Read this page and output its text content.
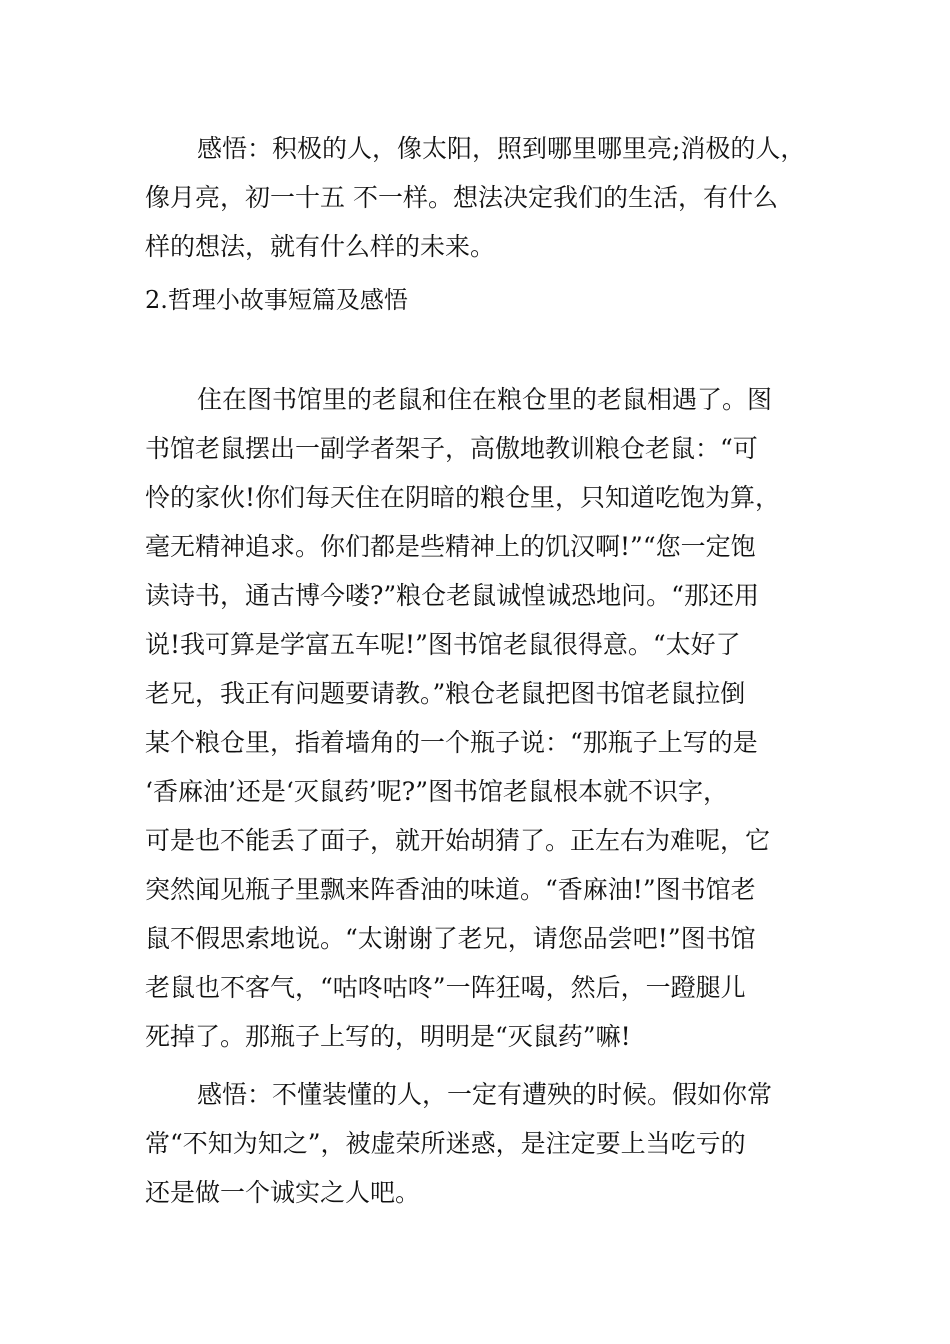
感悟：积极的人，像太阳，照到哪里哪里亮;消极的人，
像月亮，初一十五 不一样。想法决定我们的生活，有什么
样的想法，就有什么样的未来。
2.哲理小故事短篇及感悟
住在图书馆里的老鼠和住在粮仓里的老鼠相遇了。图
书馆老鼠摆出一副学者架子，高傲地教训粮仓老鼠：“可
怜的家伙!你们每天住在阴暗的粮仓里，只知道吃饱为算，
毫无精神追求。你们都是些精神上的饥汉啊!”“您一定饱
读诗书，通古博今喽?”粮仓老鼠诚惶诚恐地问。“那还用
说!我可算是学富五车呢!”图书馆老鼠很得意。“太好了
老兄，我正有问题要请教。”粮仓老鼠把图书馆老鼠拉倒
某个粮仓里，指着墙角的一个瓶子说：“那瓶子上写的是
‘香麻油’还是‘灭鼠药’呢?”图书馆老鼠根本就不识字，
可是也不能丢了面子，就开始胡猜了。正左右为难呢，它
突然闻见瓶子里飘来阵香油的味道。“香麻油!”图书馆老
鼠不假思索地说。“太谢谢了老兄，请您品尝吧!”图书馆
老鼠也不客气，“咕咚咕咚”一阵狂喝，然后，一蹬腿儿
死掉了。那瓶子上写的，明明是“灭鼠药”嘛!
感悟：不懂装懂的人，一定有遭殃的时候。假如你常
常“不知为知之”，被虚荣所迷惑，是注定要上当吃亏的
还是做一个诚实之人吧。
